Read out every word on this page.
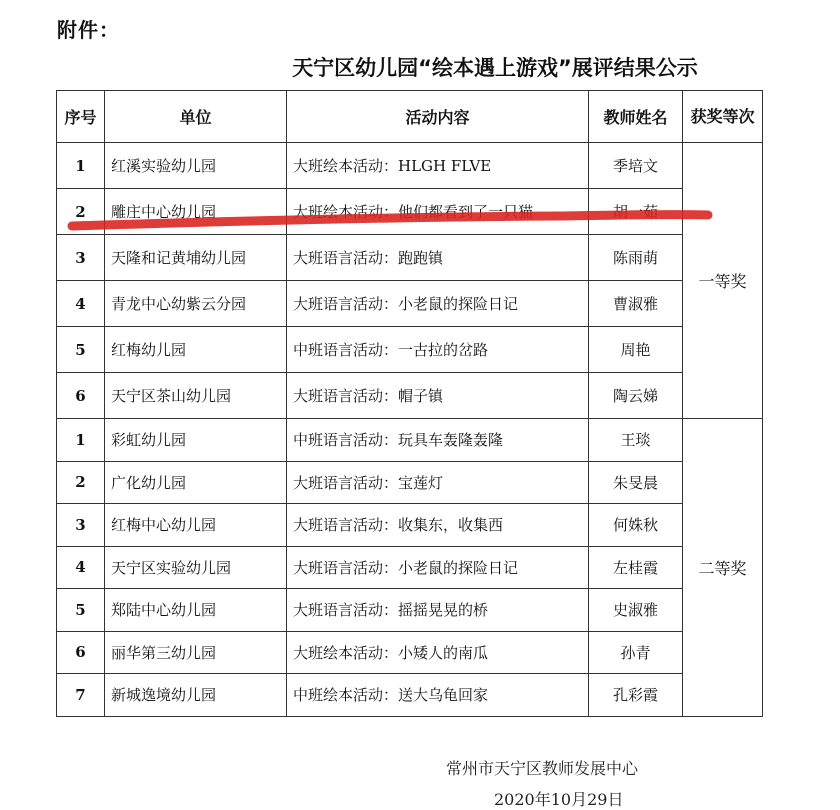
附件：
天宁区幼儿园“绘本遇上游戏”展评结果公示
序号	单位	活动内容	教师姓名	获奖等次
1	红溪实验幼儿园	大班绘本活动：HLGH FLVE	季培文	一等奖
2	雕庄中心幼儿园	大班绘本活动：他们都看到了一只猫	胡一茹	
3	天隆和记黄埔幼儿园	大班语言活动：跑跑镇	陈雨萌	
4	青龙中心幼紫云分园	大班语言活动：小老鼠的探险日记	曹淑雅	
5	红梅幼儿园	中班语言活动：一古拉的岔路	周艳	
6	天宁区茶山幼儿园	大班语言活动：帽子镇	陶云娣	
1	彩虹幼儿园	中班语言活动：玩具车轰隆轰隆	王琰	二等奖
2	广化幼儿园	大班语言活动：宝莲灯	朱旻晨	
3	红梅中心幼儿园	大班语言活动：收集东，收集西	何姝秋	
4	天宁区实验幼儿园	大班语言活动：小老鼠的探险日记	左桂霞	
5	郑陆中心幼儿园	大班语言活动：摇摇晃晃的桥	史淑雅	
6	丽华第三幼儿园	大班绘本活动：小矮人的南瓜	孙青	
7	新城逸境幼儿园	中班绘本活动：送大乌龟回家	孔彩霞	
常州市天宁区教师发展中心
2020年10月29日
